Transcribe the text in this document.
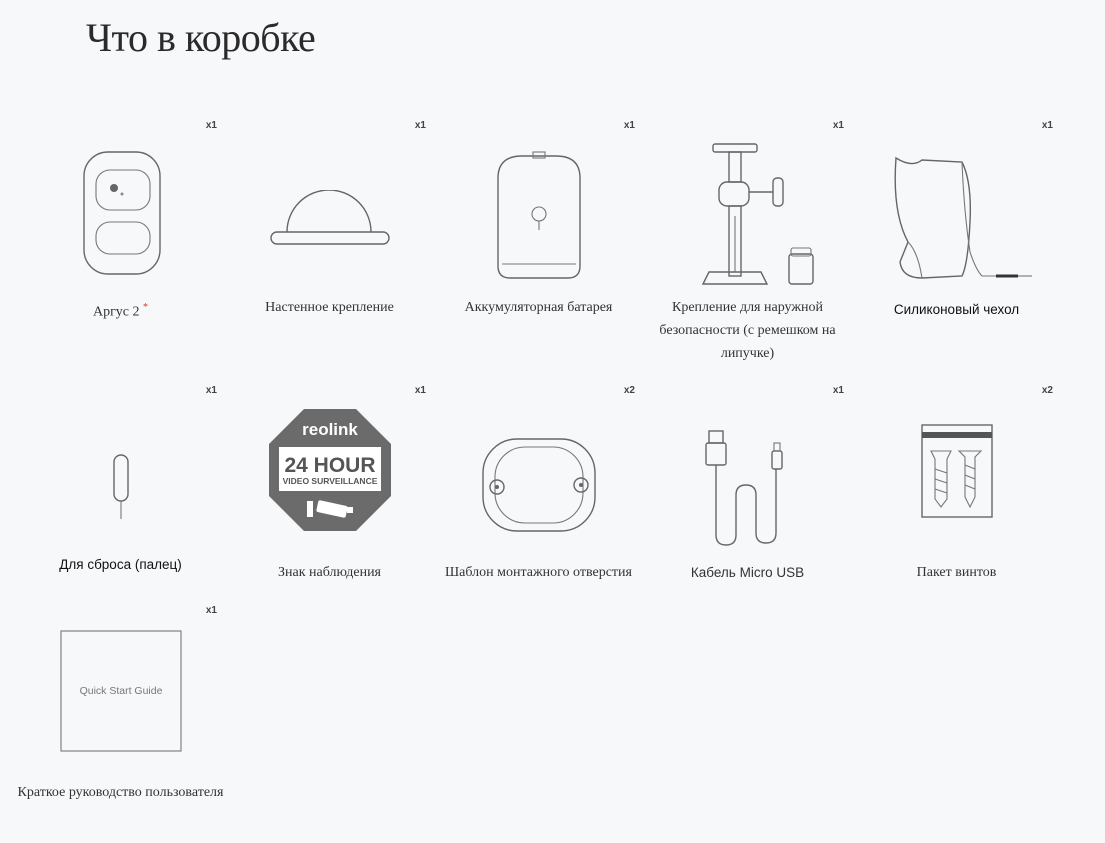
Что в коробке
x1
Аргус 2 *
x1
Настенное крепление
x1
Аккумуляторная батарея
x1
Крепление для наружной безопасности (с ремешком на липучке)
x1
Силиконовый чехол
x1
Для сброса (палец)
x1
reolink
24 HOUR
VIDEO SURVEILLANCE
Знак наблюдения
x2
Шаблон монтажного отверстия
x1
Кабель Micro USB
x2
Пакет винтов
x1
Quick Start Guide
Краткое руководство пользователя
